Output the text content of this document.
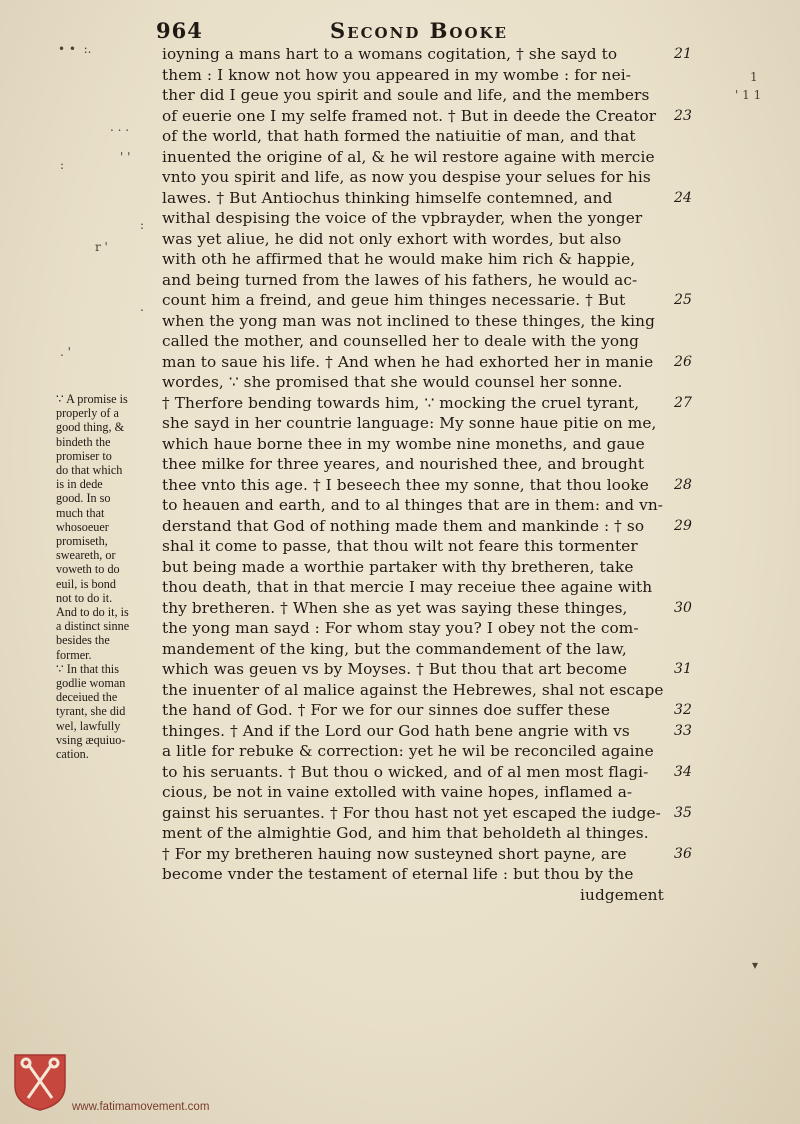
964	Second Booke
ioyning a mans hart to a womans cogitation, † she sayd to	21
them : I know not how you appeared in my wombe : for nei-
ther did I geue you spirit and soule and life, and the members
of euerie one I my selfe framed not. † But in deede the Creator 23
of the world, that hath formed the natiuitie of man, and that
inuented the origine of al, & he wil restore againe with mercie
vnto you spirit and life, as now you despise your selues for his
lawes. † But Antiochus thinking himselfe contemned, and	24
withal despising the voice of the vpbrayder, when the yonger
was yet aliue, he did not only exhort with wordes, but also
with oth he affirmed that he would make him rich & happie,
and being turned from the lawes of his fathers, he would ac-
count him a freind, and geue him thinges necessarie. † But	25
when the yong man was not inclined to these thinges, the king
called the mother, and counselled her to deale with the yong
man to saue his life. † And when he had exhorted her in manie 26
wordes, ∵ she promised that she would counsel her sonne.
† Therfore bending towards him, ∵ mocking the cruel tyrant, 27
she sayd in her countrie language: My sonne haue pitie on me,
which haue borne thee in my wombe nine moneths, and gaue
thee milke for three yeares, and nourished thee, and brought
thee vnto this age. † I beseech thee my sonne, that thou looke 28
to heauen and earth, and to al thinges that are in them: and vn-
derstand that God of nothing made them and mankinde : † so 29
shal it come to passe, that thou wilt not feare this tormenter
but being made a worthie partaker with thy bretheren, take
thou death, that in that mercie I may receiue thee againe with
thy bretheren. † When she as yet was saying these thinges,	30
the yong man sayd : For whom stay you? I obey not the com-
mandement of the king, but the commandement of the law,
which was geuen vs by Moyses. † But thou that art become	31
the inuenter of al malice against the Hebrewes, shal not escape
the hand of God. † For we for our sinnes doe suffer these	32
thinges. † And if the Lord our God hath bene angrie with vs	33
a litle for rebuke & correction: yet he wil be reconciled againe
to his seruants. † But thou o wicked, and of al men most flagi- 34
cious, be not in vaine extolled with vaine hopes, inflamed a-
gainst his seruantes. † For thou hast not yet escaped the iudge- 35
ment of the almightie God, and him that beholdeth al thinges.
† For my bretheren hauing now susteyned short payne, are	36
become vnder the testament of eternal life : but thou by the
iudgement
∵ A promise is
properly of a
good thing, &
bindeth the
promiser to
do that which
is in dede
good. In so
much that
whosoeuer
promiseth,
sweareth, or
voweth to do
euil, is bond
not to do it.
And to do it, is
a distinct sinne
besides the
former.
∵ In that this
godlie woman
deceiued the
tyrant, she did
wel, lawfully
vsing æquiuo-
cation.
• •  :.
. . .
:
' '
:
r '
.
. '
1
' 1 1
▾
www.fatimamovement.com
